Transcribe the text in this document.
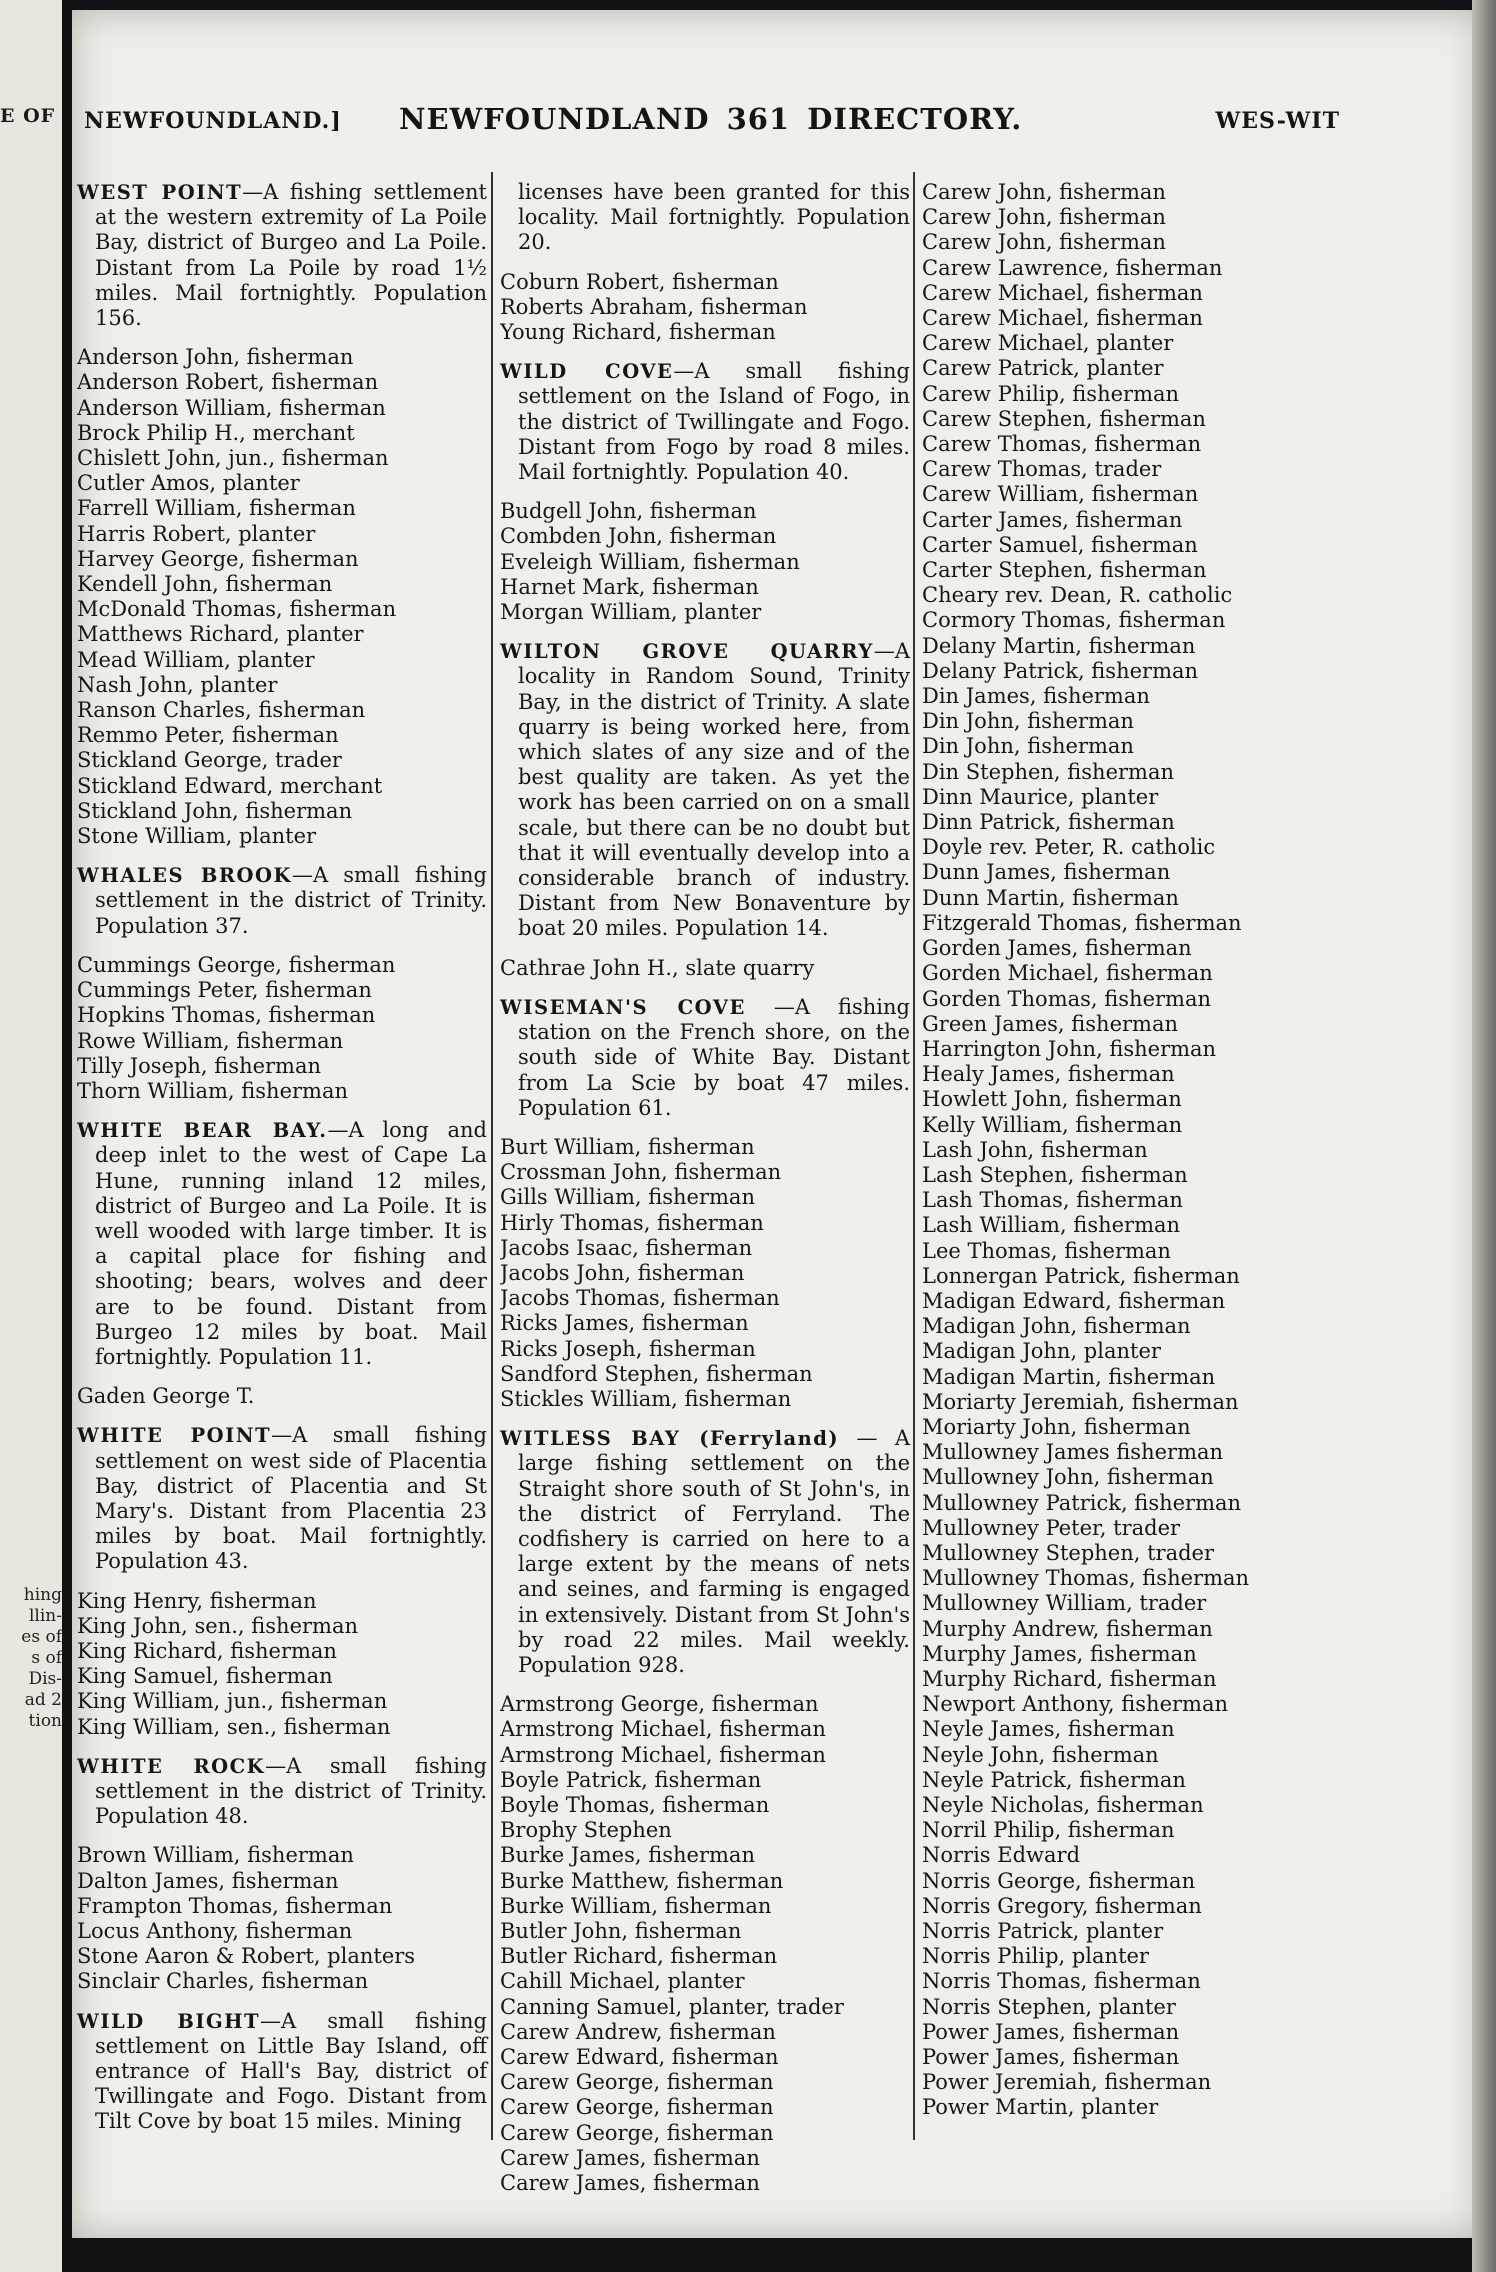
E OF
hing
llin-
es of
s of
Dis-
ad 2
tion
NEWFOUNDLAND.] NEWFOUNDLAND 361 DIRECTORY.	WES-WIT

WEST POINT—A fishing settlement at the western extremity of La Poile Bay, district of Burgeo and La Poile. Distant from La Poile by road 1½ miles. Mail fortnightly. Population 156.

Anderson John, fisherman

Anderson Robert, fisherman

Anderson William, fisherman

Brock Philip H., merchant

Chislett John, jun., fisherman

Cutler Amos, planter

Farrell William, fisherman

Harris Robert, planter

Harvey George, fisherman

Kendell John, fisherman

McDonald Thomas, fisherman

Matthews Richard, planter

Mead William, planter

Nash John, planter

Ranson Charles, fisherman

Remmo Peter, fisherman

Stickland George, trader

Stickland Edward, merchant

Stickland John, fisherman

Stone William, planter

WHALES BROOK—A small fishing settlement in the district of Trinity. Population 37.

Cummings George, fisherman

Cummings Peter, fisherman

Hopkins Thomas, fisherman

Rowe William, fisherman

Tilly Joseph, fisherman

Thorn William, fisherman

WHITE BEAR BAY.—A long and deep inlet to the west of Cape La Hune, running inland 12 miles, district of Burgeo and La Poile. It is well wooded with large timber. It is a capital place for fishing and shooting; bears, wolves and deer are to be found. Distant from Burgeo 12 miles by boat. Mail fortnightly. Population 11.

Gaden George T.

WHITE POINT—A small fishing settlement on west side of Placentia Bay, district of Placentia and St Mary's. Distant from Placentia 23 miles by boat. Mail fortnightly. Population 43.

King Henry, fisherman

King John, sen., fisherman

King Richard, fisherman

King Samuel, fisherman

King William, jun., fisherman

King William, sen., fisherman

WHITE ROCK—A small fishing settlement in the district of Trinity. Population 48.

Brown William, fisherman

Dalton James, fisherman

Frampton Thomas, fisherman

Locus Anthony, fisherman

Stone Aaron & Robert, planters

Sinclair Charles, fisherman

WILD BIGHT—A small fishing settlement on Little Bay Island, off entrance of Hall's Bay, district of Twillingate and Fogo. Distant from Tilt Cove by boat 15 miles. Mining

licenses have been granted for this locality. Mail fortnightly. Population 20.

Coburn Robert, fisherman

Roberts Abraham, fisherman

Young Richard, fisherman

WILD COVE—A small fishing settlement on the Island of Fogo, in the district of Twillingate and Fogo. Distant from Fogo by road 8 miles. Mail fortnightly. Population 40.

Budgell John, fisherman

Combden John, fisherman

Eveleigh William, fisherman

Harnet Mark, fisherman

Morgan William, planter

WILTON GROVE QUARRY—A locality in Random Sound, Trinity Bay, in the district of Trinity. A slate quarry is being worked here, from which slates of any size and of the best quality are taken. As yet the work has been carried on on a small scale, but there can be no doubt but that it will eventually develop into a considerable branch of industry. Distant from New Bonaventure by boat 20 miles. Population 14.

Cathrae John H., slate quarry

WISEMAN'S COVE —A fishing station on the French shore, on the south side of White Bay. Distant from La Scie by boat 47 miles. Population 61.

Burt William, fisherman

Crossman John, fisherman

Gills William, fisherman

Hirly Thomas, fisherman

Jacobs Isaac, fisherman

Jacobs John, fisherman

Jacobs Thomas, fisherman

Ricks James, fisherman

Ricks Joseph, fisherman

Sandford Stephen, fisherman

Stickles William, fisherman

WITLESS BAY (Ferryland) — A large fishing settlement on the Straight shore south of St John's, in the district of Ferryland. The codfishery is carried on here to a large extent by the means of nets and seines, and farming is engaged in extensively. Distant from St John's by road 22 miles. Mail weekly. Population 928.

Armstrong George, fisherman

Armstrong Michael, fisherman

Armstrong Michael, fisherman

Boyle Patrick, fisherman

Boyle Thomas, fisherman

Brophy Stephen

Burke James, fisherman

Burke Matthew, fisherman

Burke William, fisherman

Butler John, fisherman

Butler Richard, fisherman

Cahill Michael, planter

Canning Samuel, planter, trader

Carew Andrew, fisherman

Carew Edward, fisherman

Carew George, fisherman

Carew George, fisherman

Carew George, fisherman

Carew James, fisherman

Carew James, fisherman

Carew John, fisherman

Carew John, fisherman

Carew John, fisherman

Carew Lawrence, fisherman

Carew Michael, fisherman

Carew Michael, fisherman

Carew Michael, planter

Carew Patrick, planter

Carew Philip, fisherman

Carew Stephen, fisherman

Carew Thomas, fisherman

Carew Thomas, trader

Carew William, fisherman

Carter James, fisherman

Carter Samuel, fisherman

Carter Stephen, fisherman

Cheary rev. Dean, R. catholic

Cormory Thomas, fisherman

Delany Martin, fisherman

Delany Patrick, fisherman

Din James, fisherman

Din John, fisherman

Din John, fisherman

Din Stephen, fisherman

Dinn Maurice, planter

Dinn Patrick, fisherman

Doyle rev. Peter, R. catholic

Dunn James, fisherman

Dunn Martin, fisherman

Fitzgerald Thomas, fisherman

Gorden James, fisherman

Gorden Michael, fisherman

Gorden Thomas, fisherman

Green James, fisherman

Harrington John, fisherman

Healy James, fisherman

Howlett John, fisherman

Kelly William, fisherman

Lash John, fisherman

Lash Stephen, fisherman

Lash Thomas, fisherman

Lash William, fisherman

Lee Thomas, fisherman

Lonnergan Patrick, fisherman

Madigan Edward, fisherman

Madigan John, fisherman

Madigan John, planter

Madigan Martin, fisherman

Moriarty Jeremiah, fisherman

Moriarty John, fisherman

Mullowney James fisherman

Mullowney John, fisherman

Mullowney Patrick, fisherman

Mullowney Peter, trader

Mullowney Stephen, trader

Mullowney Thomas, fisherman

Mullowney William, trader

Murphy Andrew, fisherman

Murphy James, fisherman

Murphy Richard, fisherman

Newport Anthony, fisherman

Neyle James, fisherman

Neyle John, fisherman

Neyle Patrick, fisherman

Neyle Nicholas, fisherman

Norril Philip, fisherman

Norris Edward

Norris George, fisherman

Norris Gregory, fisherman

Norris Patrick, planter

Norris Philip, planter

Norris Thomas, fisherman

Norris Stephen, planter

Power James, fisherman

Power James, fisherman

Power Jeremiah, fisherman

Power Martin, planter
